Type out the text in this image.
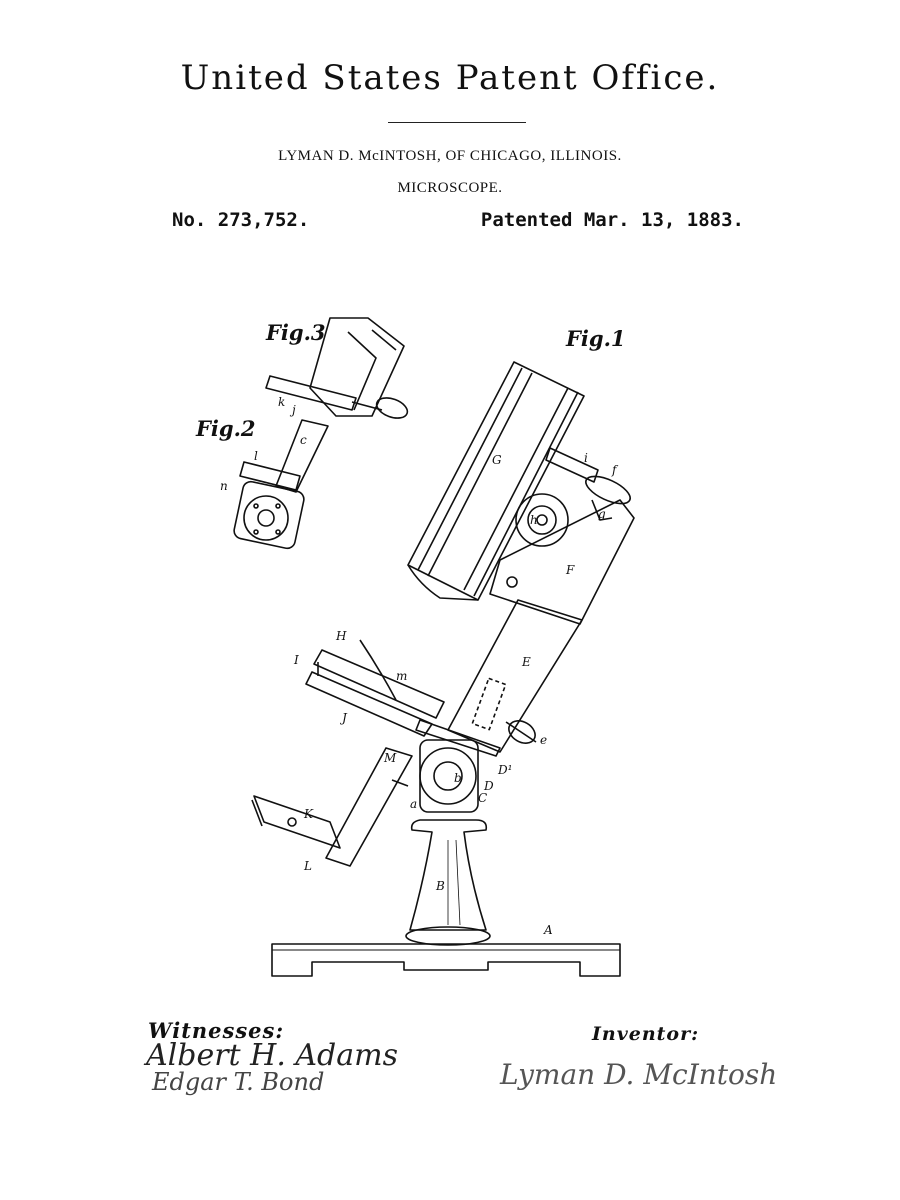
United States Patent Office.
LYMAN D. McINTOSH, OF CHICAGO, ILLINOIS.
MICROSCOPE.
No. 273,752.	Patented Mar. 13, 1883.
Fig.1
Fig.2
Fig.3
A
B
C
D
D¹
E
F
G
H
I
J
K
L
M
a
b
c
e
f
g
h
i
j
k
l
m
n
Witnesses:
Albert H. Adams
Edgar T. Bond
Inventor:
Lyman D. McIntosh
